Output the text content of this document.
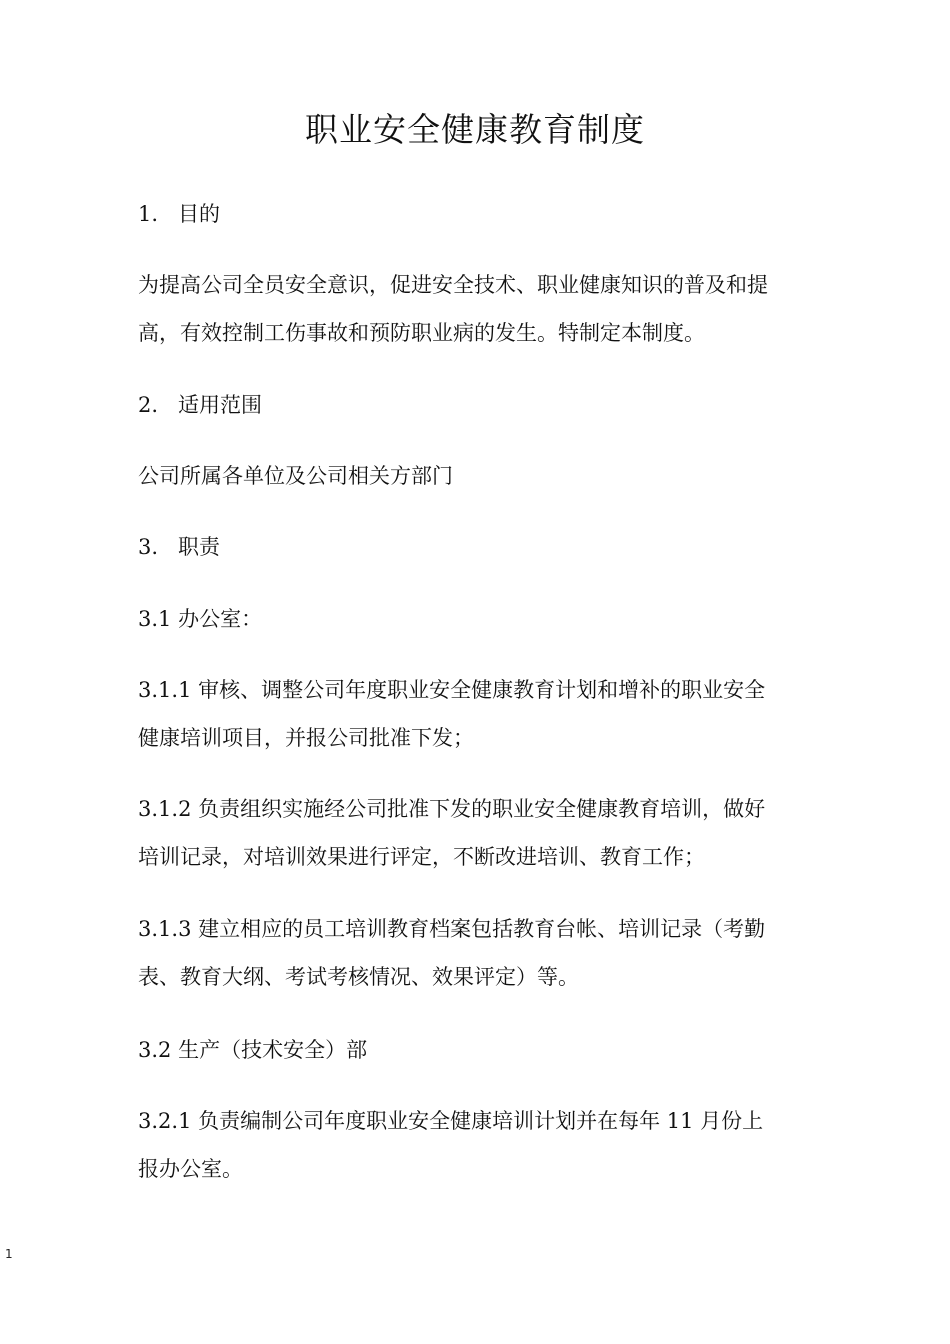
职业安全健康教育制度
1. 目的
为提高公司全员安全意识，促进安全技术、职业健康知识的普及和提
高，有效控制工伤事故和预防职业病的发生。特制定本制度。
2. 适用范围
公司所属各单位及公司相关方部门
3. 职责
3.1 办公室：
3.1.1 审核、调整公司年度职业安全健康教育计划和增补的职业安全
健康培训项目，并报公司批准下发；
3.1.2 负责组织实施经公司批准下发的职业安全健康教育培训，做好
培训记录，对培训效果进行评定，不断改进培训、教育工作；
3.1.3 建立相应的员工培训教育档案包括教育台帐、培训记录（考勤
表、教育大纲、考试考核情况、效果评定）等。
3.2 生产（技术安全）部
3.2.1 负责编制公司年度职业安全健康培训计划并在每年 11 月份上
报办公室。
1
